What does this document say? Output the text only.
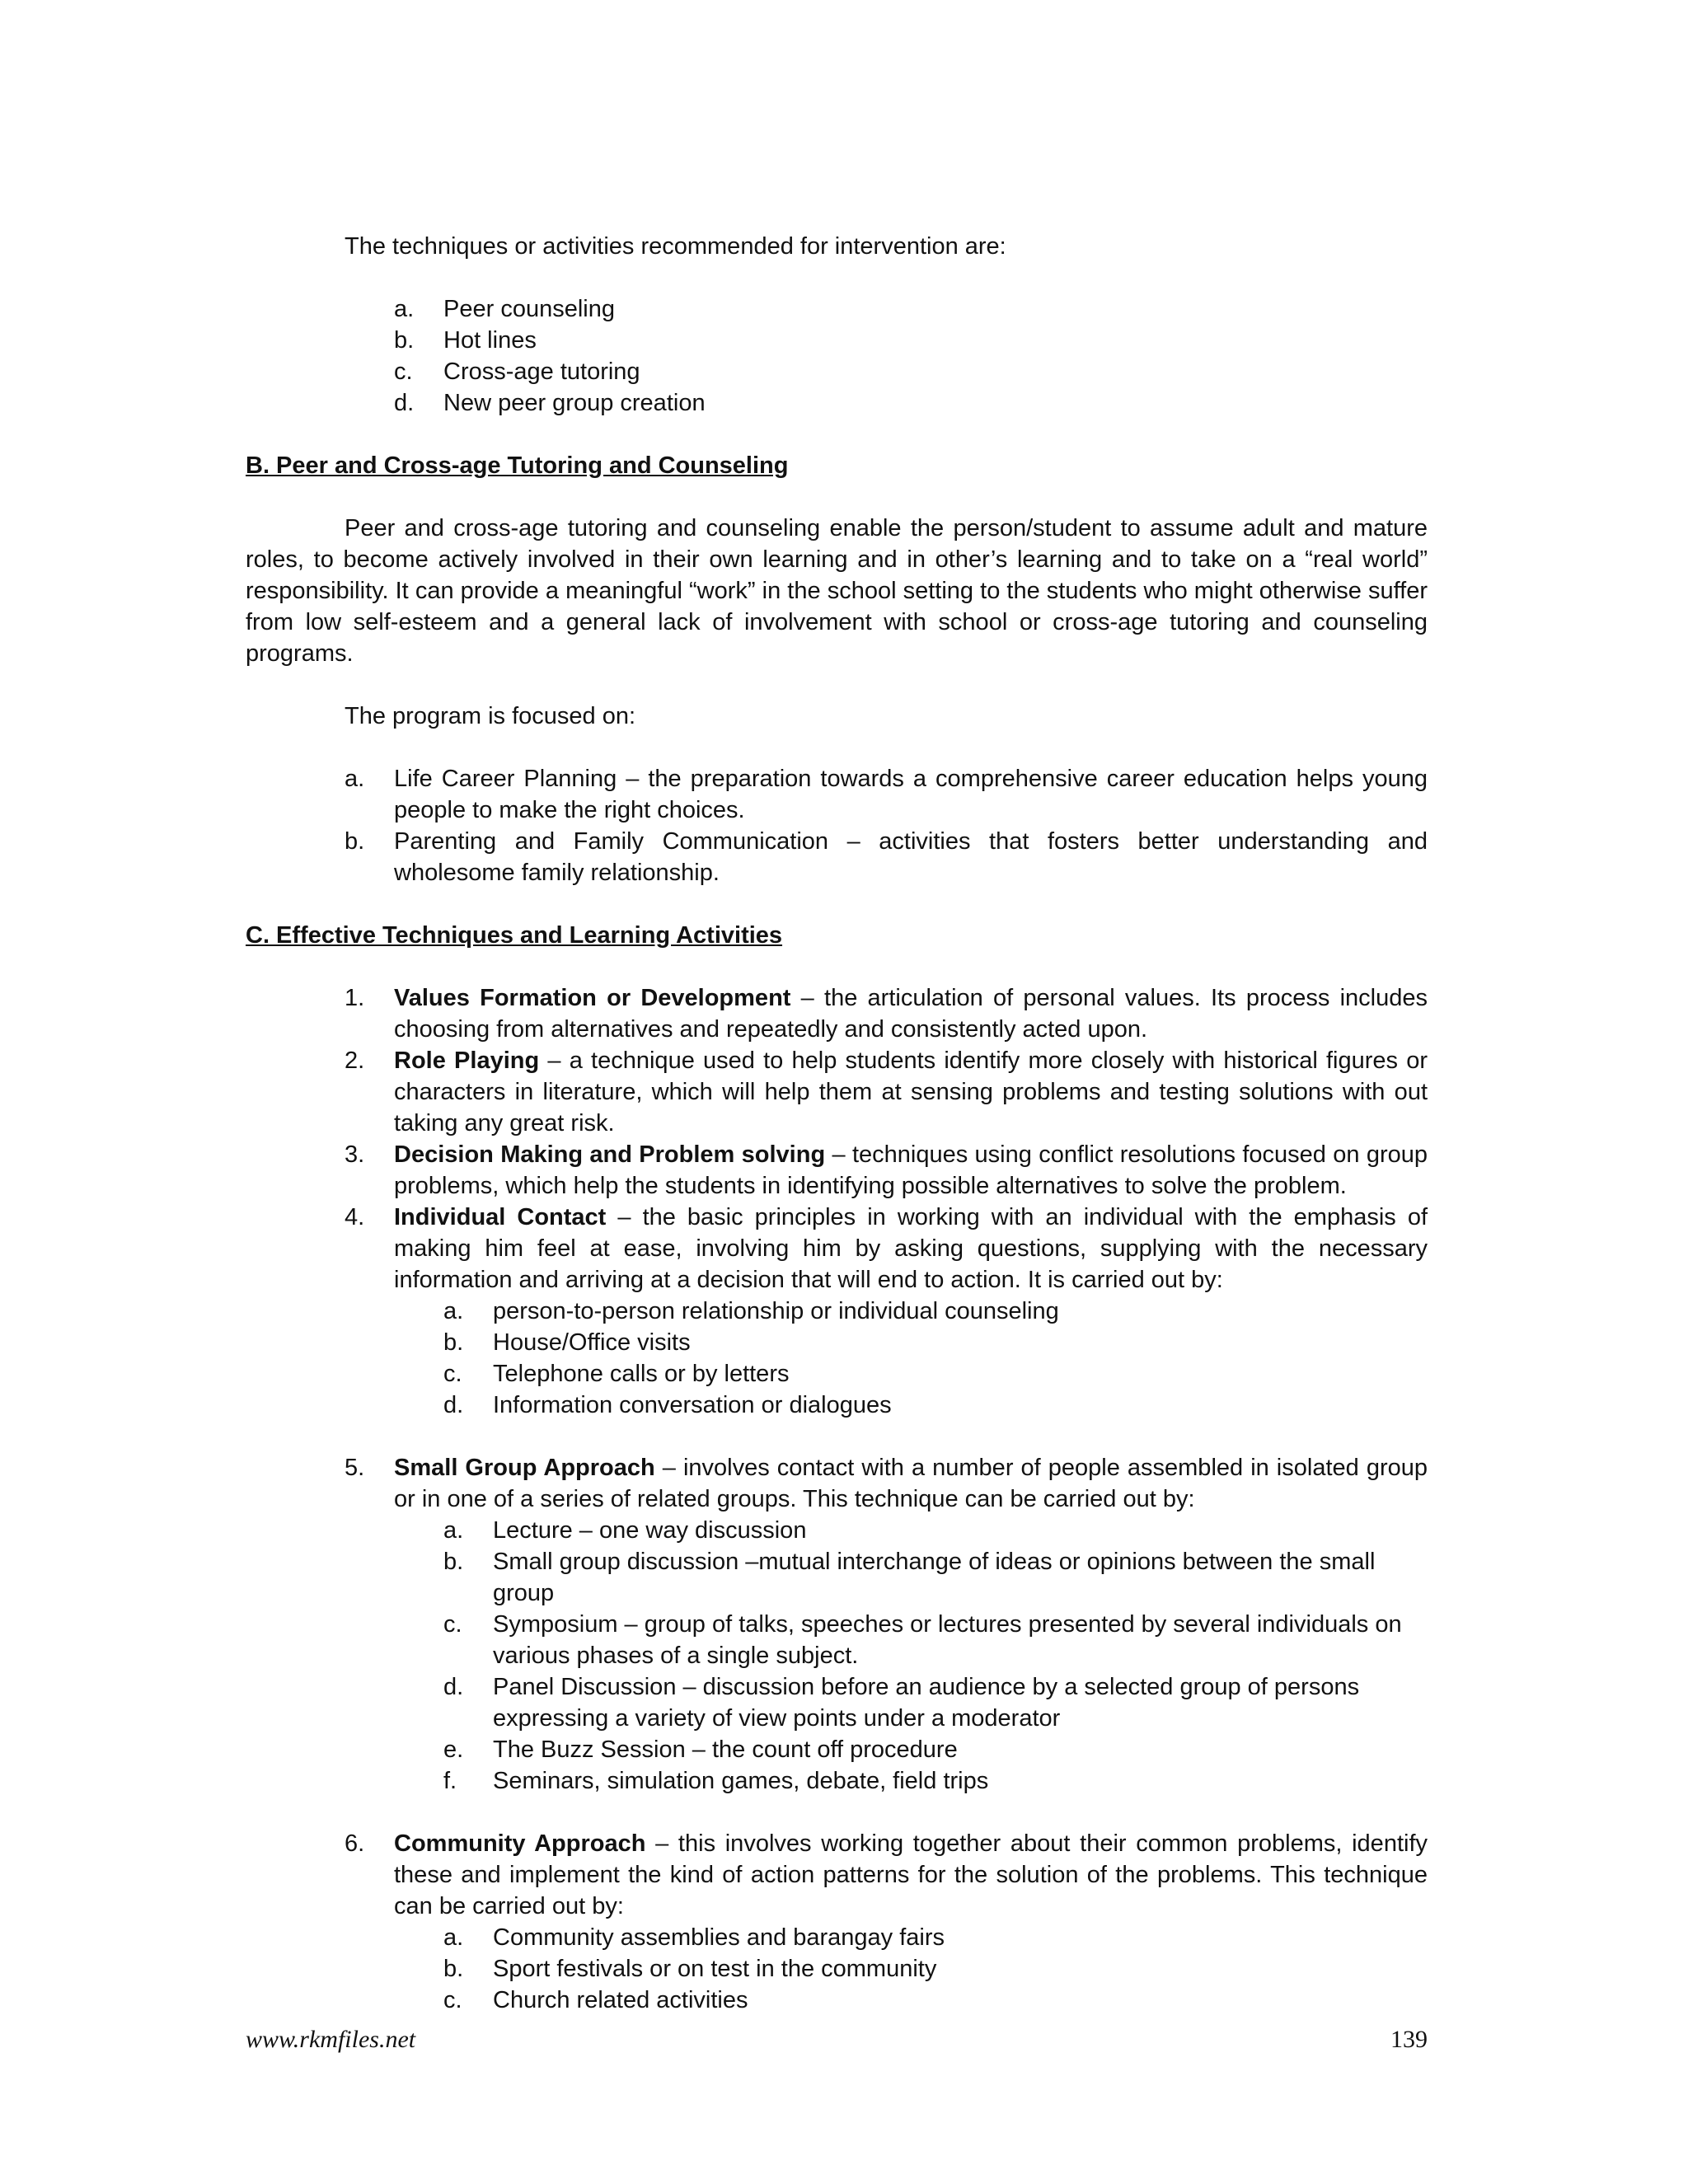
The techniques or activities recommended for intervention are:

a.	Peer counseling
b.	Hot lines
c.	Cross-age tutoring
d.	New peer group creation

B. Peer and Cross-age Tutoring and Counseling

Peer and cross-age tutoring and counseling enable the person/student to assume adult and mature roles, to become actively involved in their own learning and in other’s learning and to take on a “real world” responsibility. It can provide a meaningful “work” in the school setting to the students who might otherwise suffer from low self-esteem and a general lack of involvement with school or cross-age tutoring and counseling programs.

The program is focused on:

a.	Life Career Planning – the preparation towards a comprehensive career education helps young people to make the right choices.
b.	Parenting and Family Communication – activities that fosters better understanding and wholesome family relationship.

C. Effective Techniques and Learning Activities

1.	Values Formation or Development – the articulation of personal values. Its process includes choosing from alternatives and repeatedly and consistently acted upon.
2.	Role Playing – a technique used to help students identify more closely with historical figures or characters in literature, which will help them at sensing problems and testing solutions with out taking any great risk.
3.	Decision Making and Problem solving – techniques using conflict resolutions focused on group problems, which help the students in identifying possible alternatives to solve the problem.
4.	Individual Contact – the basic principles in working with an individual with the emphasis of making him feel at ease, involving him by asking questions, supplying with the necessary information and arriving at a decision that will end to action. It is carried out by:
a.	person-to-person relationship or individual counseling
b.	House/Office visits
c.	Telephone calls or by letters
d.	Information conversation or dialogues
5.	Small Group Approach – involves contact with a number of people assembled in isolated group or in one of a series of related groups. This technique can be carried out by:
a.	Lecture – one way discussion
b.	Small group discussion –mutual interchange of ideas or opinions between the small group
c.	Symposium – group of talks, speeches or lectures presented by several individuals on various phases of a single subject.
d.	Panel Discussion – discussion before an audience by a selected group of persons expressing a variety of view points under a moderator
e.	The Buzz Session – the count off procedure
f.	Seminars, simulation games, debate, field trips
6.	Community Approach – this involves working together about their common problems, identify these and implement the kind of action patterns for the solution of the problems. This technique can be carried out by:
a.	Community assemblies and barangay fairs
b.	Sport festivals or on test in the community
c.	Church related activities
www.rkmfiles.net	139
